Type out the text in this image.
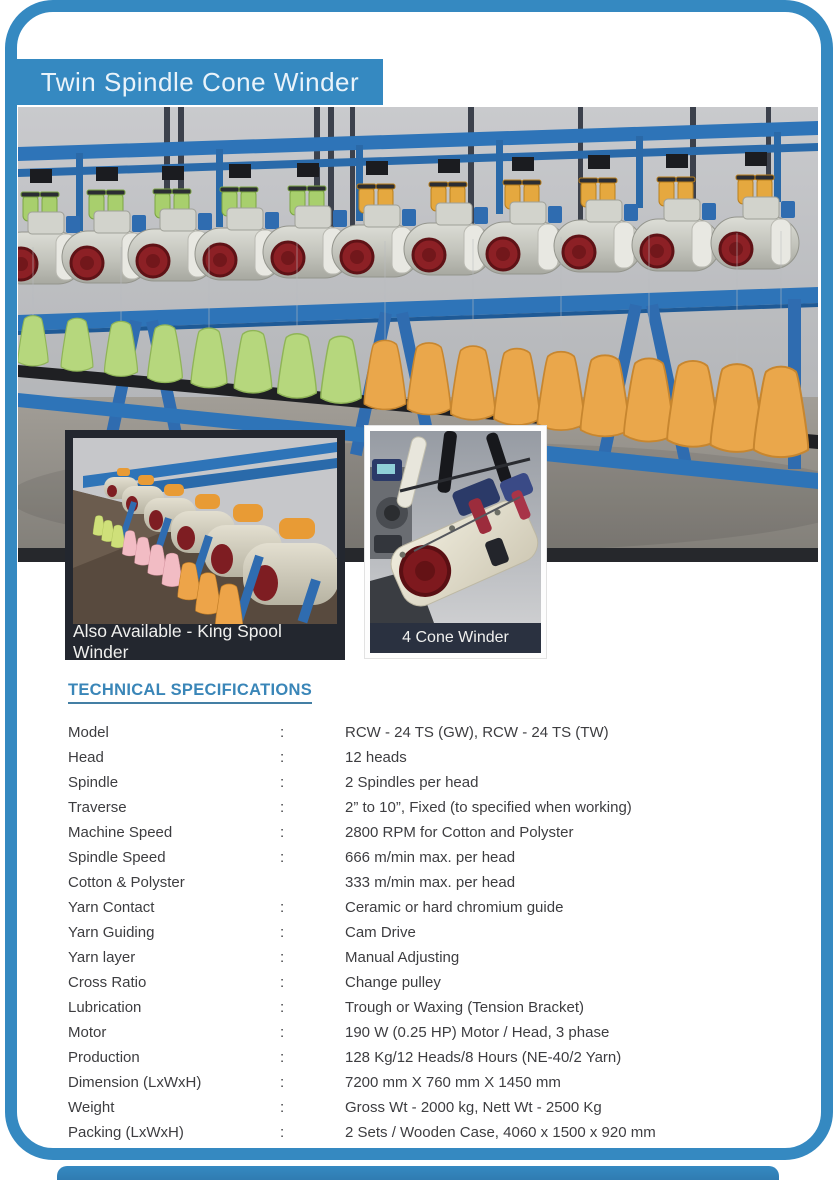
Twin Spindle Cone Winder
Also Available - King Spool Winder
4 Cone Winder
TECHNICAL SPECIFICATIONS
Model	:	RCW - 24 TS (GW), RCW - 24 TS (TW)
Head	:	12 heads
Spindle	:	2 Spindles per head
Traverse	:	2” to 10”, Fixed (to specified when working)
Machine Speed	:	2800 RPM for Cotton and Polyster
Spindle Speed	:	666 m/min max. per head
Cotton & Polyster	333 m/min max. per head
Yarn Contact	:	Ceramic or hard chromium guide
Yarn Guiding	:	Cam Drive
Yarn layer	:	Manual Adjusting
Cross Ratio	:	Change pulley
Lubrication	:	Trough or Waxing (Tension Bracket)
Motor	:	190 W (0.25 HP) Motor / Head, 3 phase
Production	:	128 Kg/12 Heads/8 Hours (NE-40/2 Yarn)
Dimension (LxWxH)	:	7200 mm X 760 mm X 1450 mm
Weight	:	Gross Wt - 2000 kg, Nett Wt - 2500 Kg
Packing (LxWxH)	:	2 Sets / Wooden Case, 4060 x 1500 x 920 mm
